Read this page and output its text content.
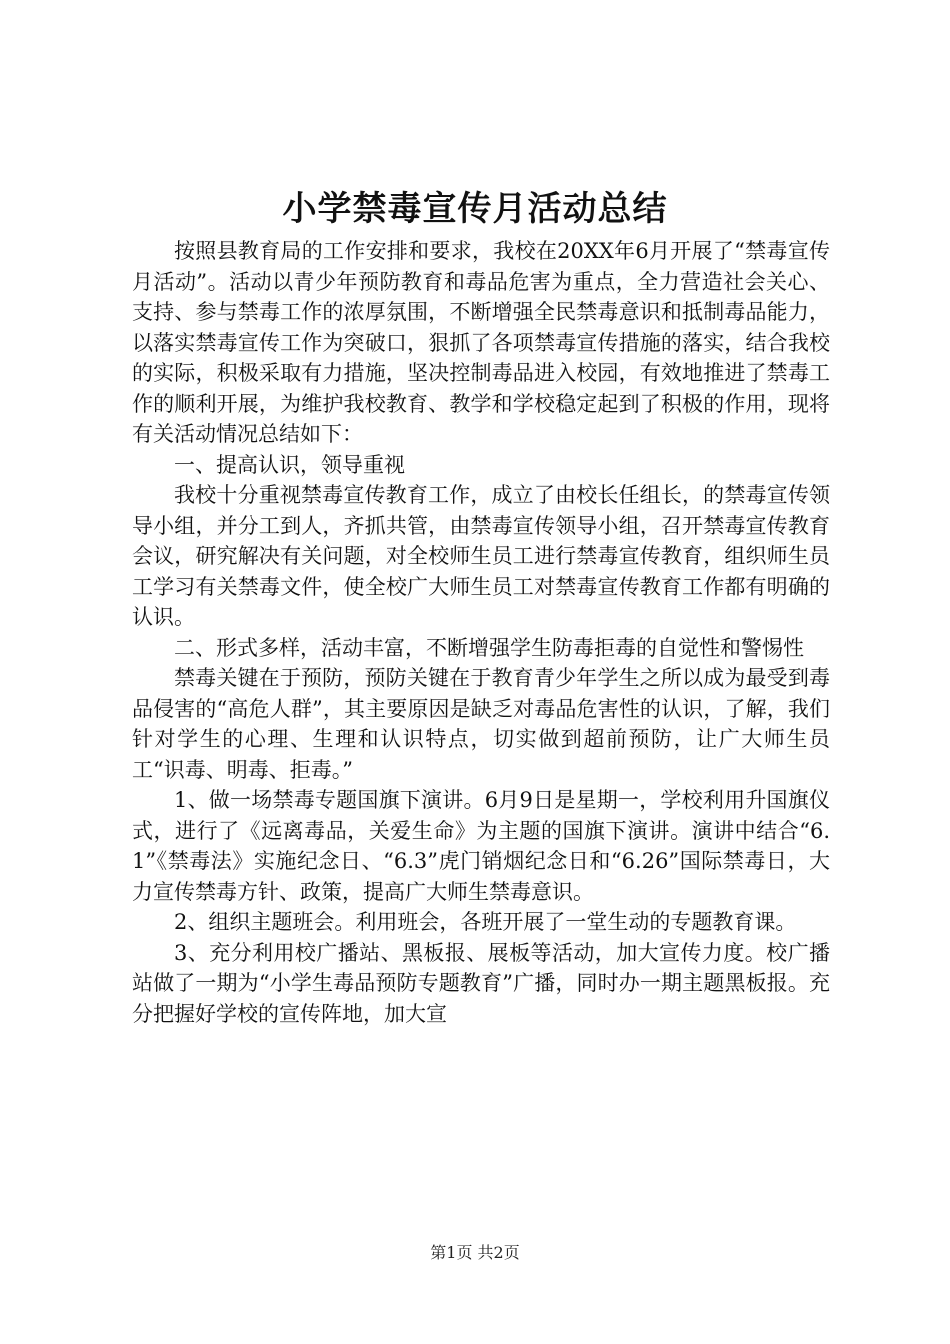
小学禁毒宣传月活动总结

按照县教育局的工作安排和要求，我校在20XX年6月开展了“禁毒宣传月活动”。活动以青少年预防教育和毒品危害为重点，全力营造社会关心、支持、参与禁毒工作的浓厚氛围，不断增强全民禁毒意识和抵制毒品能力，以落实禁毒宣传工作为突破口，狠抓了各项禁毒宣传措施的落实，结合我校的实际，积极采取有力措施，坚决控制毒品进入校园，有效地推进了禁毒工作的顺利开展，为维护我校教育、教学和学校稳定起到了积极的作用，现将有关活动情况总结如下：

一、提高认识，领导重视

我校十分重视禁毒宣传教育工作，成立了由校长任组长，的禁毒宣传领导小组，并分工到人，齐抓共管，由禁毒宣传领导小组，召开禁毒宣传教育会议，研究解决有关问题，对全校师生员工进行禁毒宣传教育，组织师生员工学习有关禁毒文件，使全校广大师生员工对禁毒宣传教育工作都有明确的认识。

二、形式多样，活动丰富，不断增强学生防毒拒毒的自觉性和警惕性

禁毒关键在于预防，预防关键在于教育青少年学生之所以成为最受到毒品侵害的“高危人群”，其主要原因是缺乏对毒品危害性的认识，了解，我们针对学生的心理、生理和认识特点，切实做到超前预防，让广大师生员工“识毒、明毒、拒毒。”

1、做一场禁毒专题国旗下演讲。6月9日是星期一，学校利用升国旗仪式，进行了《远离毒品，关爱生命》为主题的国旗下演讲。演讲中结合“6.1”《禁毒法》实施纪念日、“6.3”虎门销烟纪念日和“6.26”国际禁毒日，大力宣传禁毒方针、政策，提高广大师生禁毒意识。

2、组织主题班会。利用班会，各班开展了一堂生动的专题教育课。

3、充分利用校广播站、黑板报、展板等活动，加大宣传力度。校广播站做了一期为“小学生毒品预防专题教育”广播，同时办一期主题黑板报。充分把握好学校的宣传阵地，加大宣

第1页 共2页
